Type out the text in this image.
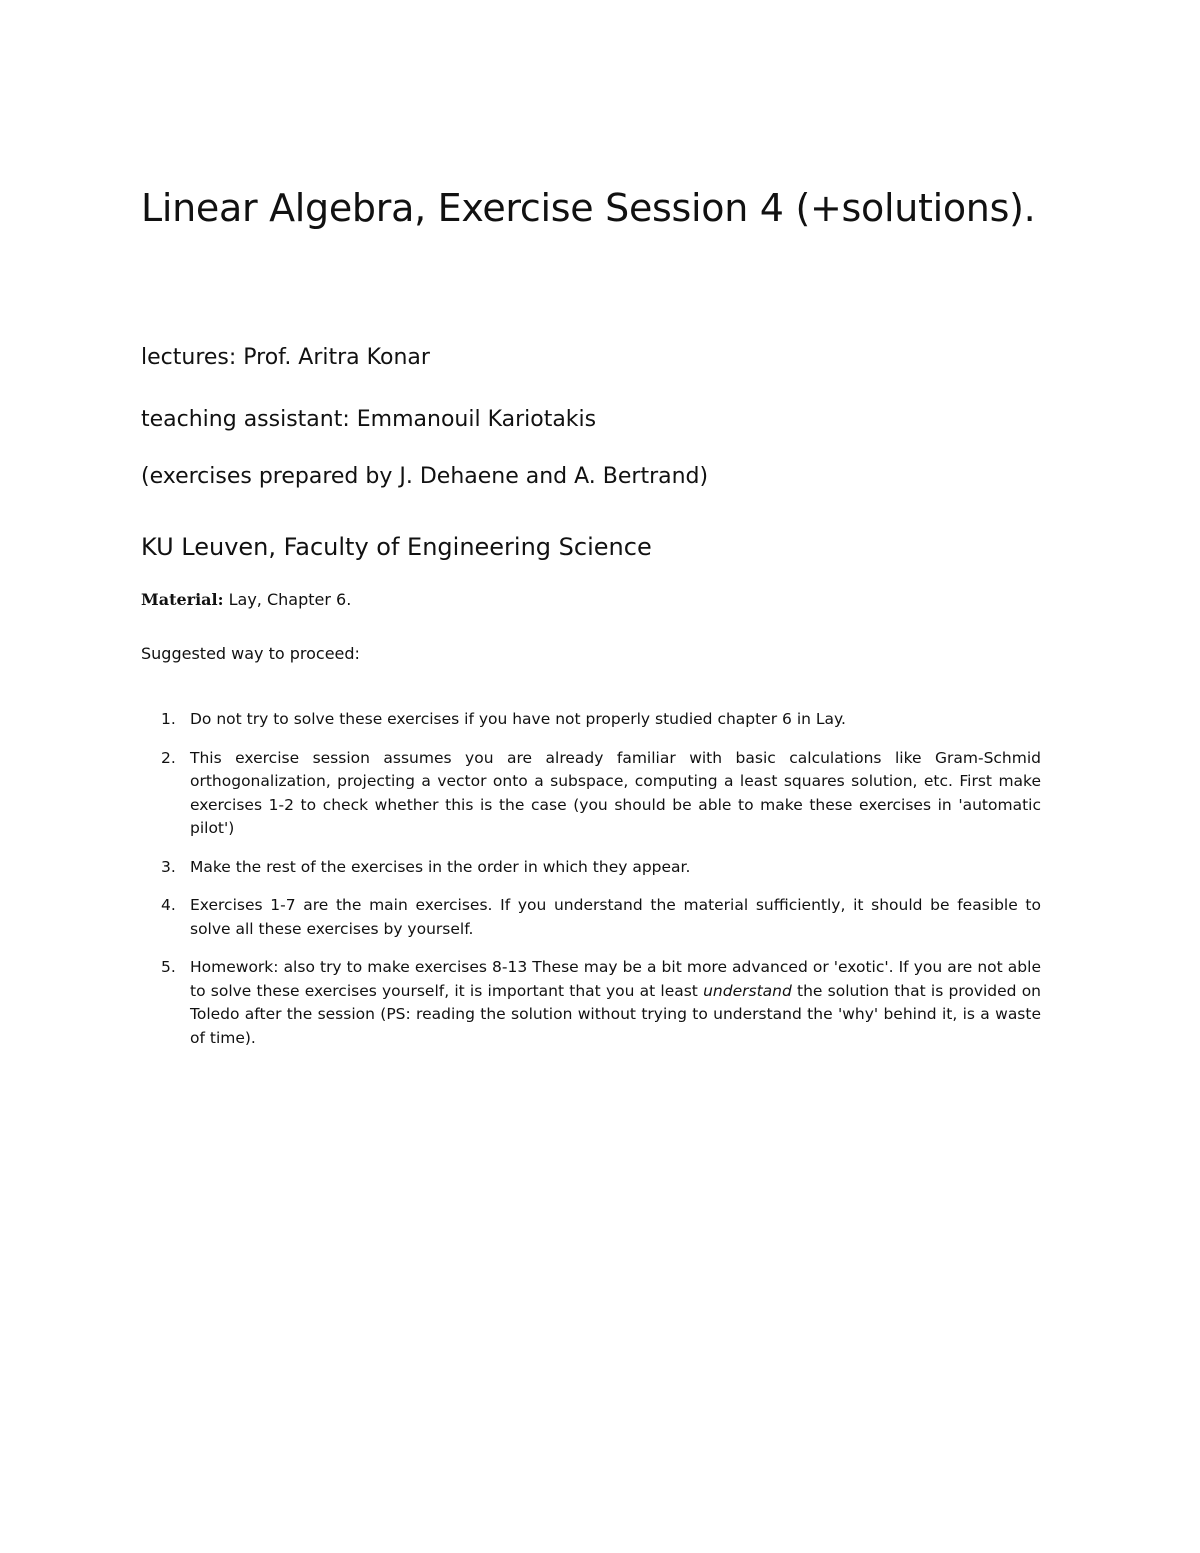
Linear Algebra, Exercise Session 4 (+solutions).

lectures: Prof. Aritra Konar

teaching assistant: Emmanouil Kariotakis

(exercises prepared by J. Dehaene and A. Bertrand)

KU Leuven, Faculty of Engineering Science

Material: Lay, Chapter 6.

Suggested way to proceed:

1. Do not try to solve these exercises if you have not properly studied chapter 6 in Lay.
2. This exercise session assumes you are already familiar with basic calculations like Gram-Schmid orthogonalization, projecting a vector onto a subspace, computing a least squares solution, etc. First make exercises 1-2 to check whether this is the case (you should be able to make these exercises in 'automatic pilot')
3. Make the rest of the exercises in the order in which they appear.
4. Exercises 1-7 are the main exercises. If you understand the material sufficiently, it should be feasible to solve all these exercises by yourself.
5. Homework: also try to make exercises 8-13 These may be a bit more advanced or 'exotic'. If you are not able to solve these exercises yourself, it is important that you at least understand the solution that is provided on Toledo after the session (PS: reading the solution without trying to understand the 'why' behind it, is a waste of time).
